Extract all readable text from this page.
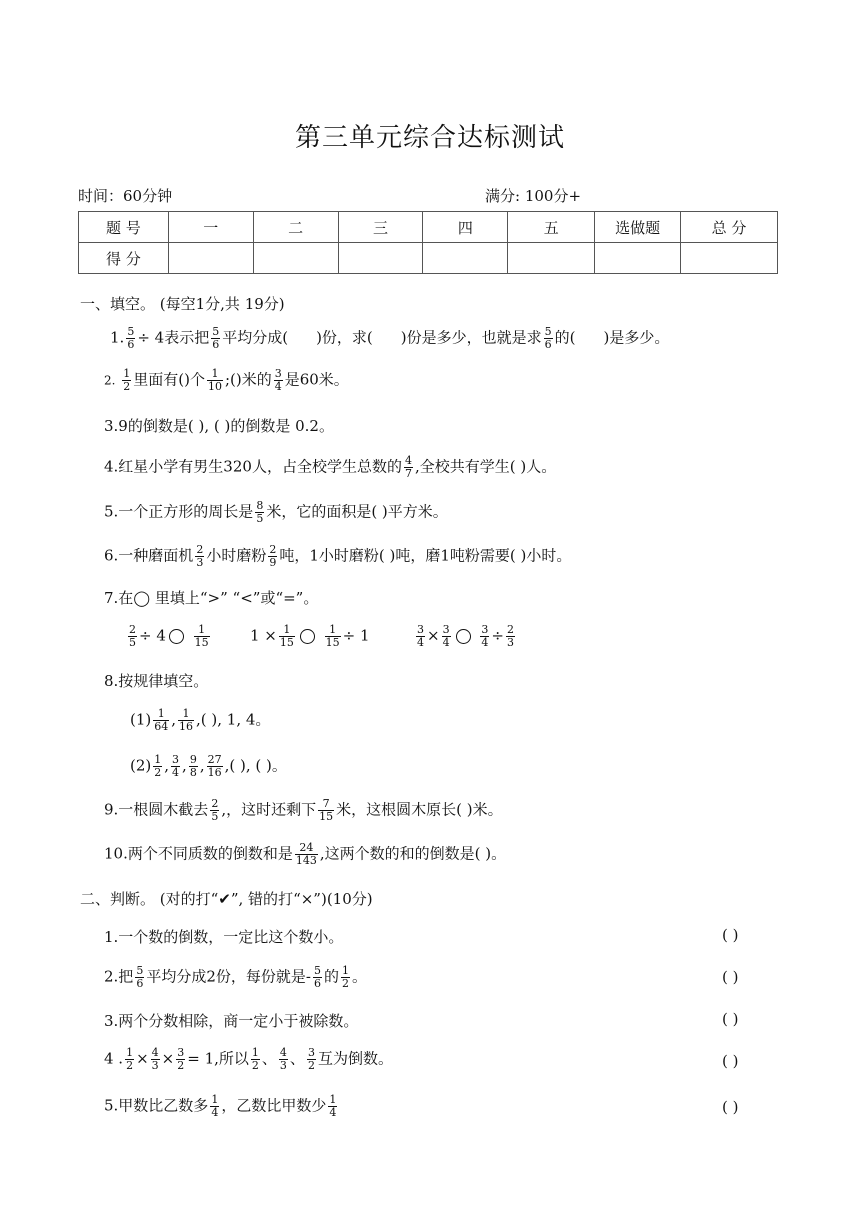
第三单元综合达标测试
时间：60分钟	满分: 100分+
题 号	一	二	三	四	五	选做题	总 分
得 分							
一、填空。 (每空1分,共 19分)
1. $\frac{5}{6} \div 4$表示把 $\frac{5}{6}$ 平均分成( )份，求( )份是多少，也就是求 $\frac{5}{6}$ 的( )是多少。
2. $\frac{1}{2}$ 里面有()个 $\frac{1}{10}$ ;()米的 $\frac{3}{4}$ 是60米。
3.9的倒数是( ), ( )的倒数是 0.2。
4.红星小学有男生320人，占全校学生总数的 $\frac{4}{7}$ ,全校共有学生( )人。
5.一个正方形的周长是 $\frac{8}{5}$ 米，它的面积是( )平方米。
6.一种磨面机 $\frac{2}{3}$ 小时磨粉 $\frac{2}{9}$ 吨，1小时磨粉( )吨，磨1吨粉需要( )小时。
7.在◯ 里填上“>” “<”或“=”。
$\frac{2}{5} \div 4$	$\frac{1}{15}$	$1 \times \frac{1}{15}$
	$\frac{1}{15} \div 1$	$\frac{3}{4} \times \frac{3}{4}$
	$\frac{3}{4} \div \frac{2}{3}$
8.按规律填空。
$(1) \frac{1}{64}$ , $\frac{1}{16}$ ,( ), 1, 4。
$(2) \frac{1}{2}$ , $\frac{3}{4}$ , $\frac{9}{8}$ , $\frac{27}{16}$ ,( ), ( )。
9.一根圆木截去 $\frac{2}{5}$ ,，这时还剩下 $\frac{7}{15}$ 米，这根圆木原长( )米。
10.两个不同质数的倒数和是 $\frac{24}{143}$ ,这两个数的和的倒数是( )。
二、判断。 (对的打“✔”, 错的打“×”)(10分)
1.一个数的倒数，一定比这个数小。	( )
2.把 $\frac{5}{6}$ 平均分成2份，每份就是- $\frac{5}{6}$ 的 $\frac{1}{2}$ 。	( )
3.两个分数相除，商一定小于被除数。	( )
4 . $\frac{1}{2} \times \frac{4}{3} \times \frac{3}{2} = 1$,所以 $\frac{1}{2}$ 、 $\frac{4}{3}$ 、 $\frac{3}{2}$ 互为倒数。	( )
5.甲数比乙数多 $\frac{1}{4}$ ，乙数比甲数少 $\frac{1}{4}$	( )
